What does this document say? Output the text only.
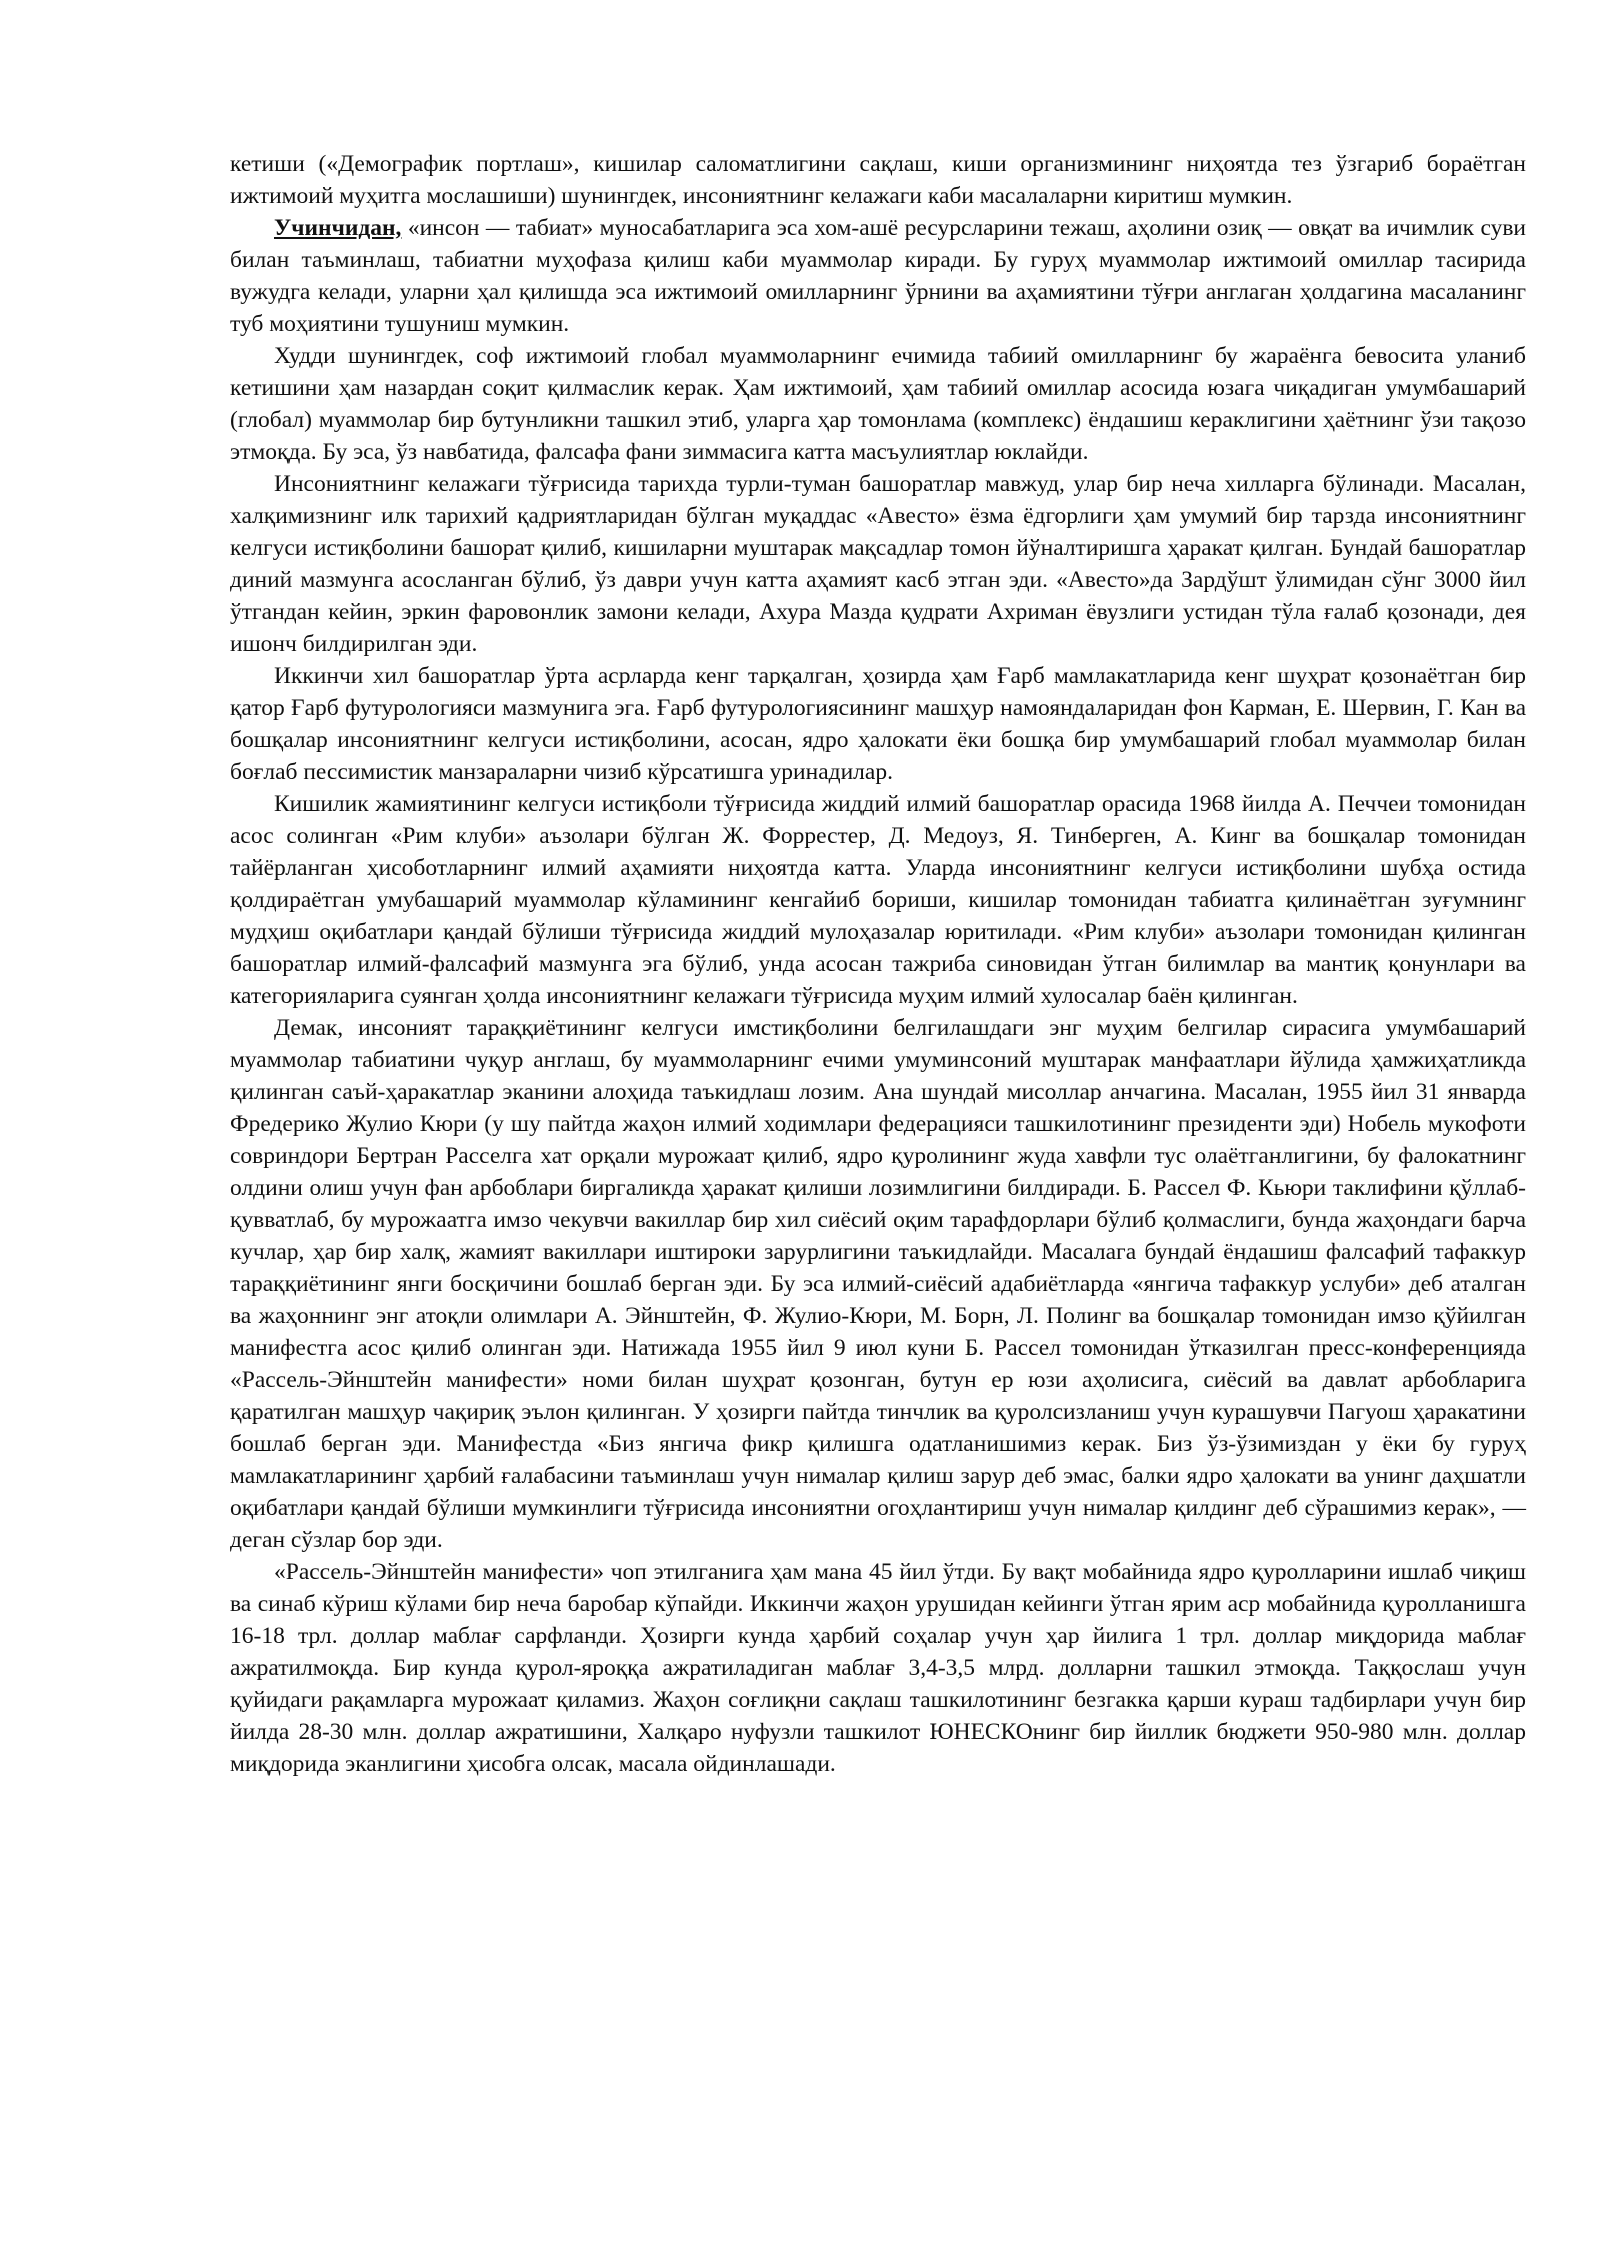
кетиши («Демографик портлаш», кишилар саломатлигини сақлаш, киши организмининг ниҳоятда тез ўзгариб бораётган ижтимоий муҳитга мослашиши) шунингдек, инсониятнинг келажаги каби масалаларни киритиш мумкин.

Учинчидан, «инсон — табиат» муносабатларига эса хом-ашё ресурсларини тежаш, аҳолини озиқ — овқат ва ичимлик суви билан таъминлаш, табиатни муҳофаза қилиш каби муаммолар киради. Бу гуруҳ муаммолар ижтимоий омиллар тасирида вужудга келади, уларни ҳал қилишда эса ижтимоий омилларнинг ўрнини ва аҳамиятини тўғри англаган ҳолдагина масаланинг туб моҳиятини тушуниш мумкин.

Худди шунингдек, соф ижтимоий глобал муаммоларнинг ечимида табиий омилларнинг бу жараёнга бевосита уланиб кетишини ҳам назардан соқит қилмаслик керак. Ҳам ижтимоий, ҳам табиий омиллар асосида юзага чиқадиган умумбашарий (глобал) муаммолар бир бутунликни ташкил этиб, уларга ҳар томонлама (комплекс) ёндашиш кераклигини ҳаётнинг ўзи тақозо этмоқда. Бу эса, ўз навбатида, фалсафа фани зиммасига катта масъулиятлар юклайди.

Инсониятнинг келажаги тўғрисида тарихда турли-туман башоратлар мавжуд, улар бир неча хилларга бўлинади. Масалан, халқимизнинг илк тарихий қадриятларидан бўлган муқаддас «Авесто» ёзма ёдгорлиги ҳам умумий бир тарзда инсониятнинг келгуси истиқболини башорат қилиб, кишиларни муштарак мақсадлар томон йўналтиришга ҳаракат қилган. Бундай башоратлар диний мазмунга асосланган бўлиб, ўз даври учун катта аҳамият касб этган эди. «Авесто»да Зардўшт ўлимидан сўнг 3000 йил ўтгандан кейин, эркин фаровонлик замони келади, Ахура Мазда қудрати Ахриман ёвузлиги устидан тўла ғалаб қозонади, дея ишонч билдирилган эди.

Иккинчи хил башоратлар ўрта асрларда кенг тарқалган, ҳозирда ҳам Ғарб мамлакатларида кенг шуҳрат қозонаётган бир қатор Ғарб футурологияси мазмунига эга. Ғарб футурологиясининг машҳур намояндаларидан фон Карман, Е. Шервин, Г. Кан ва бошқалар инсониятнинг келгуси истиқболини, асосан, ядро ҳалокати ёки бошқа бир умумбашарий глобал муаммолар билан боғлаб пессимистик манзараларни чизиб кўрсатишга уринадилар.

Кишилик жамиятининг келгуси истиқболи тўғрисида жиддий илмий башоратлар орасида 1968 йилда А. Печчеи томонидан асос солинган «Рим клуби» аъзолари бўлган Ж. Форрестер, Д. Медоуз, Я. Тинберген, А. Кинг ва бошқалар томонидан тайёрланган ҳисоботларнинг илмий аҳамияти ниҳоятда катта. Уларда инсониятнинг келгуси истиқболини шубҳа остида қолдираётган умубашарий муаммолар кўламининг кенгайиб бориши, кишилар томонидан табиатга қилинаётган зуғумнинг мудҳиш оқибатлари қандай бўлиши тўғрисида жиддий мулоҳазалар юритилади. «Рим клуби» аъзолари томонидан қилинган башоратлар илмий-фалсафий мазмунга эга бўлиб, унда асосан тажриба синовидан ўтган билимлар ва мантиқ қонунлари ва категорияларига суянган ҳолда инсониятнинг келажаги тўғрисида муҳим илмий хулосалар баён қилинган.

Демак, инсоният тараққиётининг келгуси имстиқболини белгилашдаги энг муҳим белгилар сирасига умумбашарий муаммолар табиатини чуқур англаш, бу муаммоларнинг ечими умуминсоний муштарак манфаатлари йўлида ҳамжиҳатликда қилинган саъй-ҳаракатлар эканини алоҳида таъкидлаш лозим. Ана шундай мисоллар анчагина. Масалан, 1955 йил 31 январда Фредерико Жулио Кюри (у шу пайтда жаҳон илмий ходимлари федерацияси ташкилотининг президенти эди) Нобель мукофоти совриндори Бертран Расселга хат орқали мурожаат қилиб, ядро қуролининг жуда хавфли тус олаётганлигини, бу фалокатнинг олдини олиш учун фан арбоблари биргаликда ҳаракат қилиши лозимлигини билдиради. Б. Рассел Ф. Кьюри таклифини қўллаб-қувватлаб, бу мурожаатга имзо чекувчи вакиллар бир хил сиёсий оқим тарафдорлари бўлиб қолмаслиги, бунда жаҳондаги барча кучлар, ҳар бир халқ, жамият вакиллари иштироки зарурлигини таъкидлайди. Масалага бундай ёндашиш фалсафий тафаккур тараққиётининг янги босқичини бошлаб берган эди. Бу эса илмий-сиёсий адабиётларда «янгича тафаккур услуби» деб аталган ва жаҳоннинг энг атоқли олимлари А. Эйнштейн, Ф. Жулио-Кюри, М. Борн, Л. Полинг ва бошқалар томонидан имзо қўйилган манифестга асос қилиб олинган эди. Натижада 1955 йил 9 июл куни Б. Рассел томонидан ўтказилган пресс-конференцияда «Рассель-Эйнштейн манифести» номи билан шуҳрат қозонган, бутун ер юзи аҳолисига, сиёсий ва давлат арбобларига қаратилган машҳур чақириқ эълон қилинган. У ҳозирги пайтда тинчлик ва қуролсизланиш учун курашувчи Пагуош ҳаракатини бошлаб берган эди. Манифестда «Биз янгича фикр қилишга одатланишимиз керак. Биз ўз-ўзимиздан у ёки бу гуруҳ мамлакатларининг ҳарбий ғалабасини таъминлаш учун нималар қилиш зарур деб эмас, балки ядро ҳалокати ва унинг даҳшатли оқибатлари қандай бўлиши мумкинлиги тўғрисида инсониятни огоҳлантириш учун нималар қилдинг деб сўрашимиз керак», — деган сўзлар бор эди.

«Рассель-Эйнштейн манифести» чоп этилганига ҳам мана 45 йил ўтди. Бу вақт мобайнида ядро қуролларини ишлаб чиқиш ва синаб кўриш кўлами бир неча баробар кўпайди. Иккинчи жаҳон урушидан кейинги ўтган ярим аср мобайнида қуролланишга 16-18 трл. доллар маблағ сарфланди. Ҳозирги кунда ҳарбий соҳалар учун ҳар йилига 1 трл. доллар миқдорида маблағ ажратилмоқда. Бир кунда қурол-яроққа ажратиладиган маблағ 3,4-3,5 млрд. долларни ташкил этмоқда. Таққослаш учун қуйидаги рақамларга мурожаат қиламиз. Жаҳон соғлиқни сақлаш ташкилотининг безгакка қарши кураш тадбирлари учун бир йилда 28-30 млн. доллар ажратишини, Халқаро нуфузли ташкилот ЮНЕСКОнинг бир йиллик бюджети 950-980 млн. доллар миқдорида эканлигини ҳисобга олсак, масала ойдинлашади.
